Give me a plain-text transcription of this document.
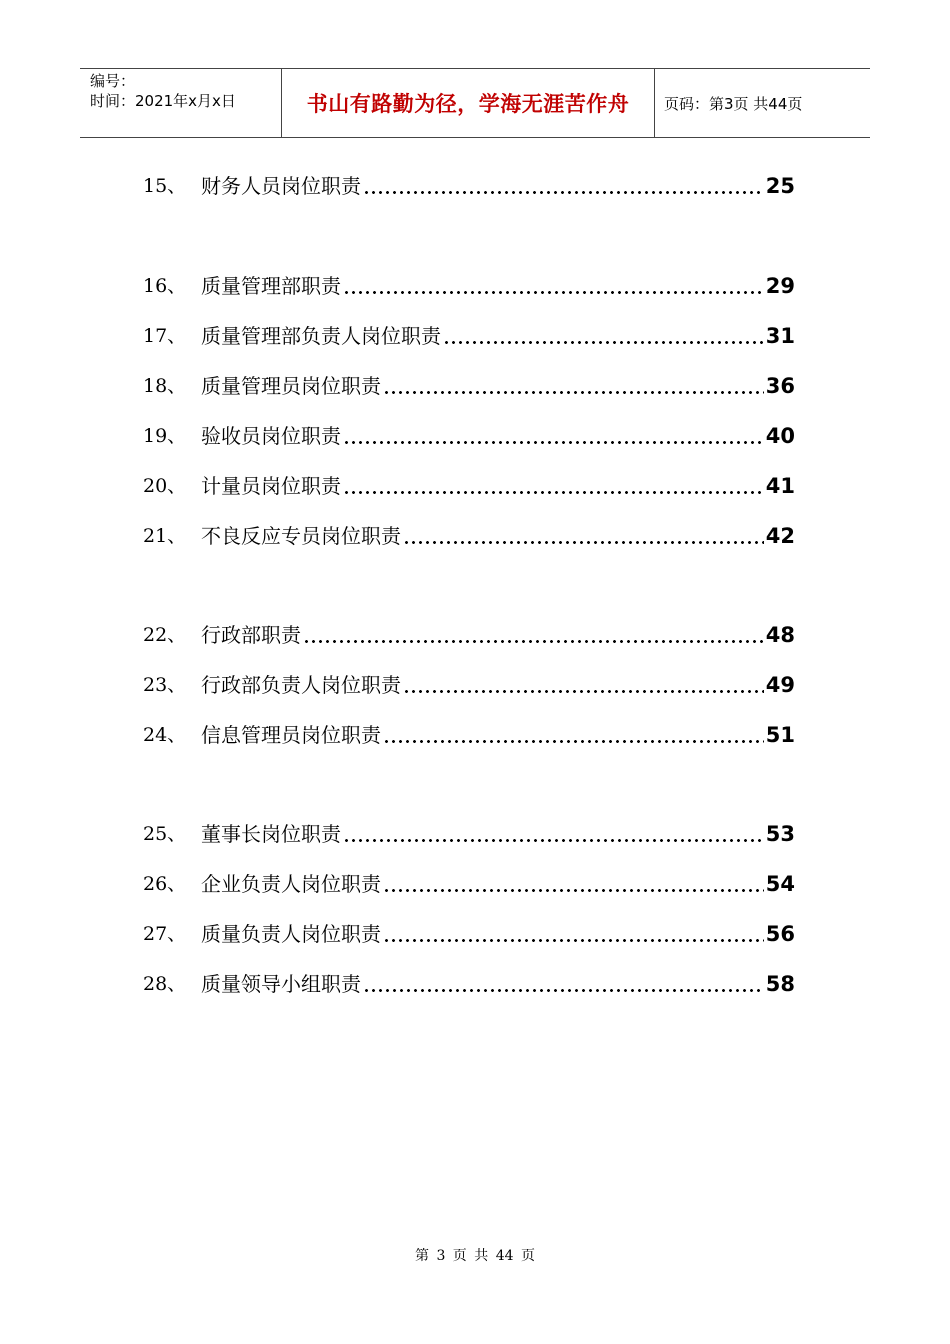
编号：
时间：2021年x月x日	书山有路勤为径，学海无涯苦作舟 页码：第3页 共44页
15、 财务人员岗位职责	25
16、 质量管理部职责	29
17、 质量管理部负责人岗位职责	31
18、 质量管理员岗位职责	36
19、 验收员岗位职责	40
20、 计量员岗位职责	41
21、 不良反应专员岗位职责	42
22、 行政部职责	48
23、 行政部负责人岗位职责	49
24、 信息管理员岗位职责	51
25、 董事长岗位职责	53
26、 企业负责人岗位职责	54
27、 质量负责人岗位职责	56
28、 质量领导小组职责	58
第 3 页 共 44 页
